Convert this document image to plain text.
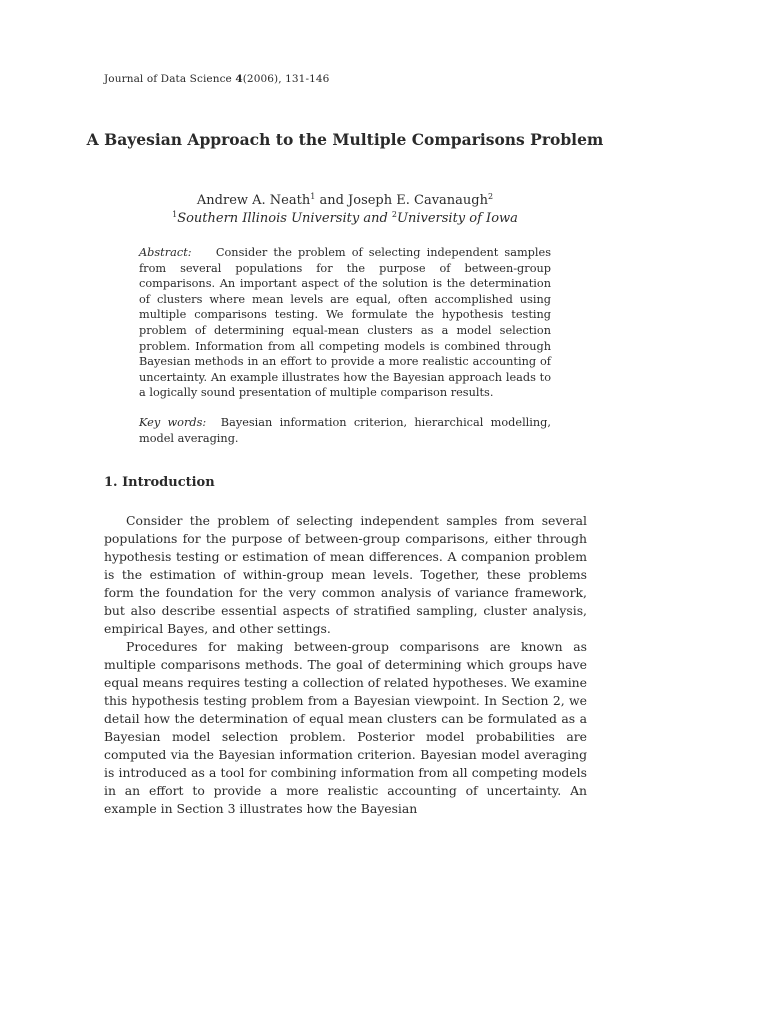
Journal of Data Science 4(2006), 131-146
A Bayesian Approach to the Multiple Comparisons Problem
Andrew A. Neath$^1$ and Joseph E. Cavanaugh$^2$
$^1$Southern Illinois University and $^2$University of Iowa
Abstract: Consider the problem of selecting independent samples from several populations for the purpose of between-group comparisons. An important aspect of the solution is the determination of clusters where mean levels are equal, often accomplished using multiple comparisons testing. We formulate the hypothesis testing problem of determining equal-mean clusters as a model selection problem. Information from all competing models is combined through Bayesian methods in an effort to provide a more realistic accounting of uncertainty. An example illustrates how the Bayesian approach leads to a logically sound presentation of multiple comparison results.
Key words: Bayesian information criterion, hierarchical modelling, model averaging.
1. Introduction

Consider the problem of selecting independent samples from several populations for the purpose of between-group comparisons, either through hypothesis testing or estimation of mean differences. A companion problem is the estimation of within-group mean levels. Together, these problems form the foundation for the very common analysis of variance framework, but also describe essential aspects of stratified sampling, cluster analysis, empirical Bayes, and other settings.

Procedures for making between-group comparisons are known as multiple comparisons methods. The goal of determining which groups have equal means requires testing a collection of related hypotheses. We examine this hypothesis testing problem from a Bayesian viewpoint. In Section 2, we detail how the determination of equal mean clusters can be formulated as a Bayesian model selection problem. Posterior model probabilities are computed via the Bayesian information criterion. Bayesian model averaging is introduced as a tool for combining information from all competing models in an effort to provide a more realistic accounting of uncertainty. An example in Section 3 illustrates how the Bayesian
